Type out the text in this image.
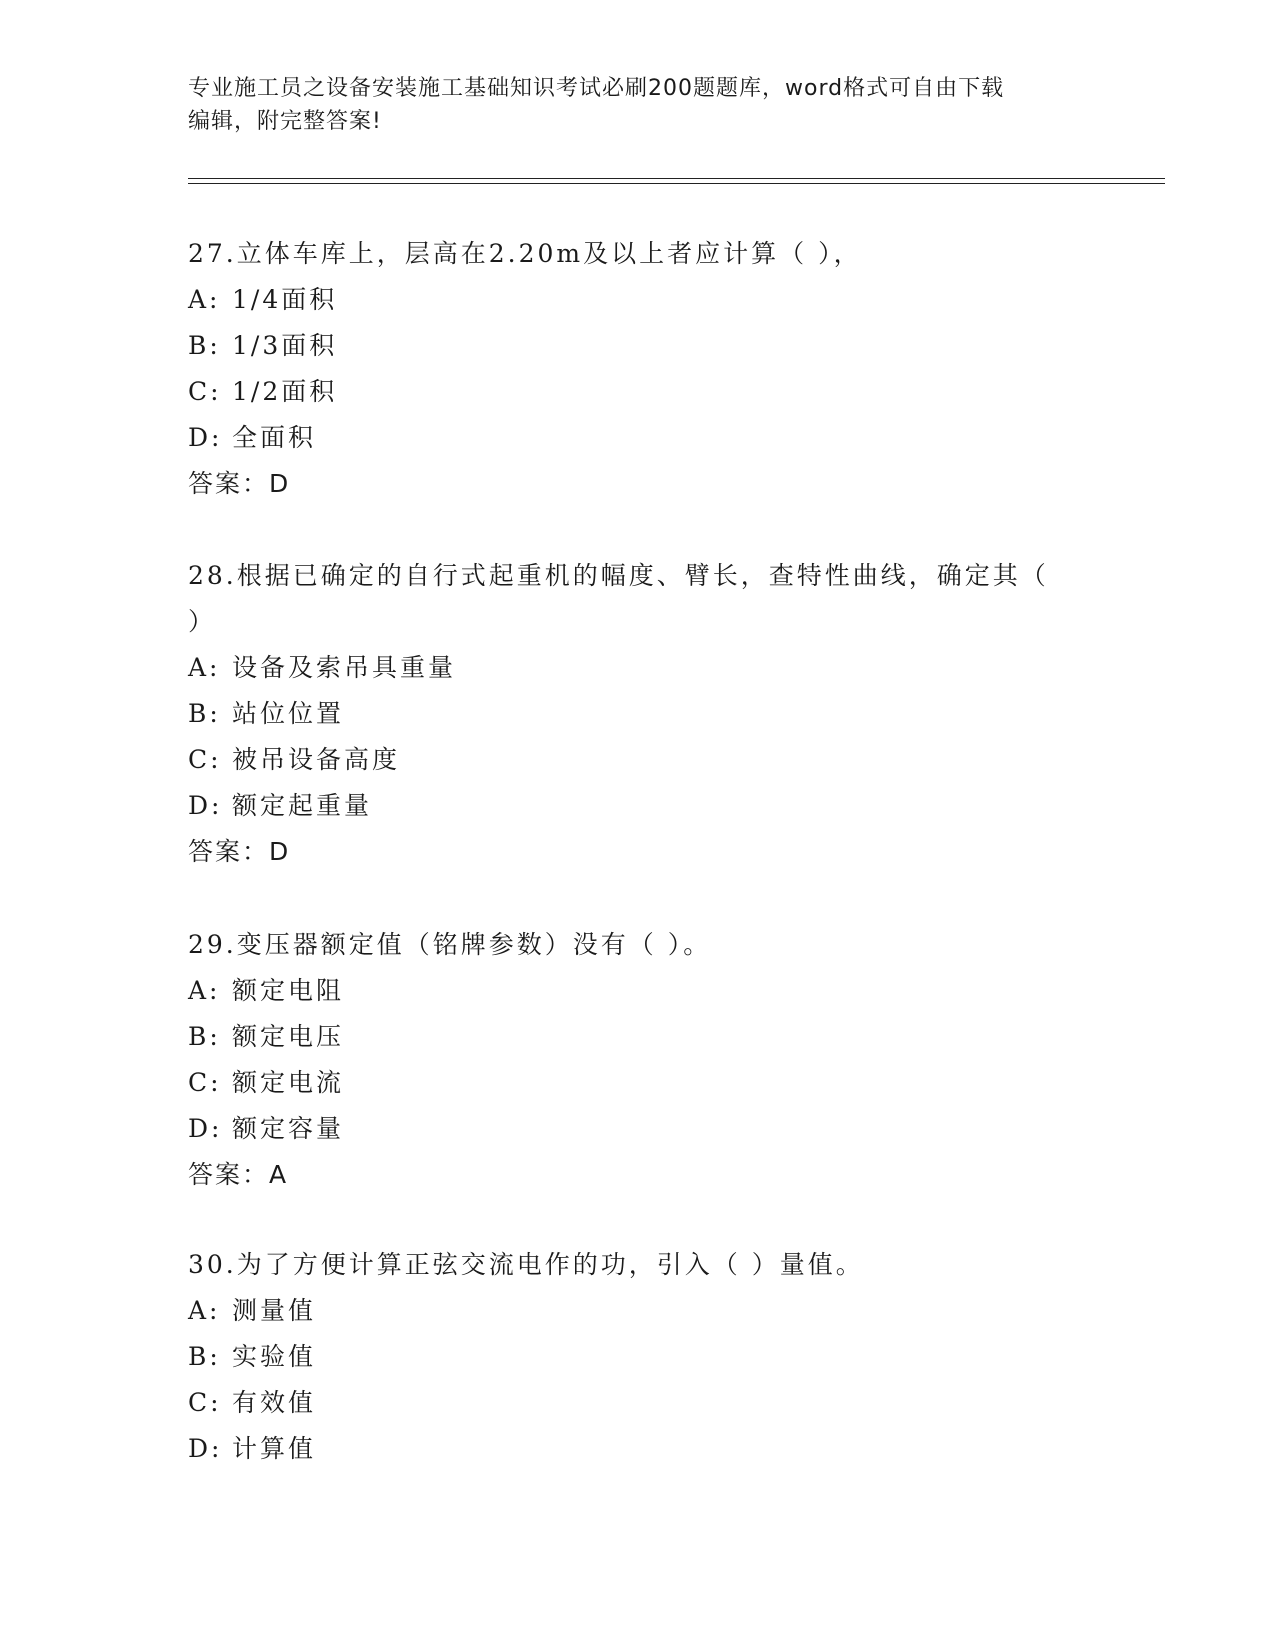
专业施工员之设备安装施工基础知识考试必刷200题题库，word格式可自由下载
编辑，附完整答案!
27.立体车库上，层高在2.20m及以上者应计算（ ），
A: 1/4面积
B: 1/3面积
C: 1/2面积
D: 全面积
答案：D
28.根据已确定的自行式起重机的幅度、臂长，查特性曲线，确定其（
）
A: 设备及索吊具重量
B: 站位位置
C: 被吊设备高度
D: 额定起重量
答案：D
29.变压器额定值（铭牌参数）没有（ ）。
A: 额定电阻
B: 额定电压
C: 额定电流
D: 额定容量
答案：A
30.为了方便计算正弦交流电作的功，引入（ ）量值。
A: 测量值
B: 实验值
C: 有效值
D: 计算值
